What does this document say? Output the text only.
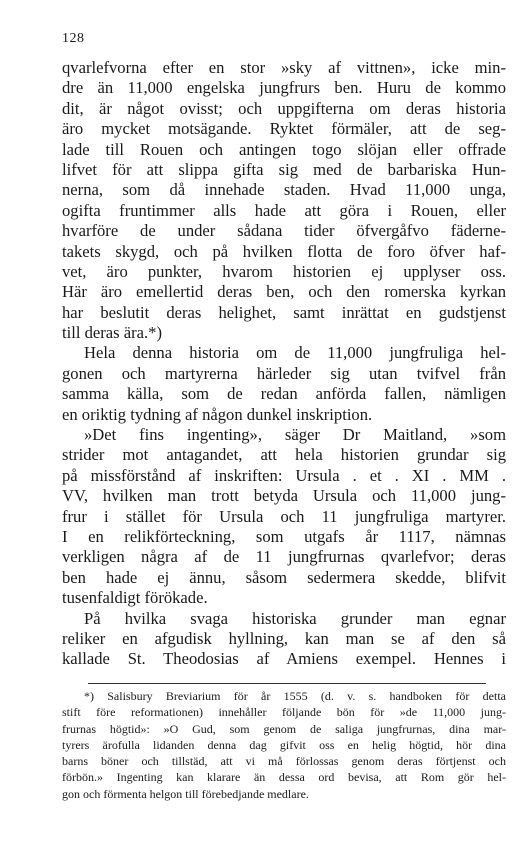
128
qvarlefvorna efter en stor »sky af vittnen», icke min-
dre än 11,000 engelska jungfrurs ben. Huru de kommo
dit, är något ovisst; och uppgifterna om deras historia
äro mycket motsägande. Ryktet förmäler, att de seg-
lade till Rouen och antingen togo slöjan eller offrade
lifvet för att slippa gifta sig med de barbariska Hun-
nerna, som då innehade staden. Hvad 11,000 unga,
ogifta fruntimmer alls hade att göra i Rouen, eller
hvarföre de under sådana tider öfvergåfvo fäderne-
takets skygd, och på hvilken flotta de foro öfver haf-
vet, äro punkter, hvarom historien ej upplyser oss.
Här äro emellertid deras ben, och den romerska kyrkan
har beslutit deras helighet, samt inrättat en gudstjenst
till deras ära.*)
Hela denna historia om de 11,000 jungfruliga hel-
gonen och martyrerna härleder sig utan tvifvel från
samma källa, som de redan anförda fallen, nämligen
en oriktig tydning af någon dunkel inskription.
»Det fins ingenting», säger Dr Maitland, »som
strider mot antagandet, att hela historien grundar sig
på missförstånd af inskriften: Ursula . et . XI . MM .
VV, hvilken man trott betyda Ursula och 11,000 jung-
frur i stället för Ursula och 11 jungfruliga martyrer.
I en relikförteckning, som utgafs år 1117, nämnas
verkligen några af de 11 jungfrurnas qvarlefvor; deras
ben hade ej ännu, såsom sedermera skedde, blifvit
tusenfaldigt förökade.
På hvilka svaga historiska grunder man egnar
reliker en afgudisk hyllning, kan man se af den så
kallade St. Theodosias af Amiens exempel. Hennes i
*) Salisbury Breviarium för år 1555 (d. v. s. handboken för detta
stift före reformationen) innehåller följande bön för »de 11,000 jung-
frurnas högtid»: »O Gud, som genom de saliga jungfrurnas, dina mar-
tyrers ärofulla lidanden denna dag gifvit oss en helig högtid, hör dina
barns böner och tillstäd, att vi må förlossas genom deras förtjenst och
förbön.» Ingenting kan klarare än dessa ord bevisa, att Rom gör hel-
gon och förmenta helgon till förebedjande medlare.
